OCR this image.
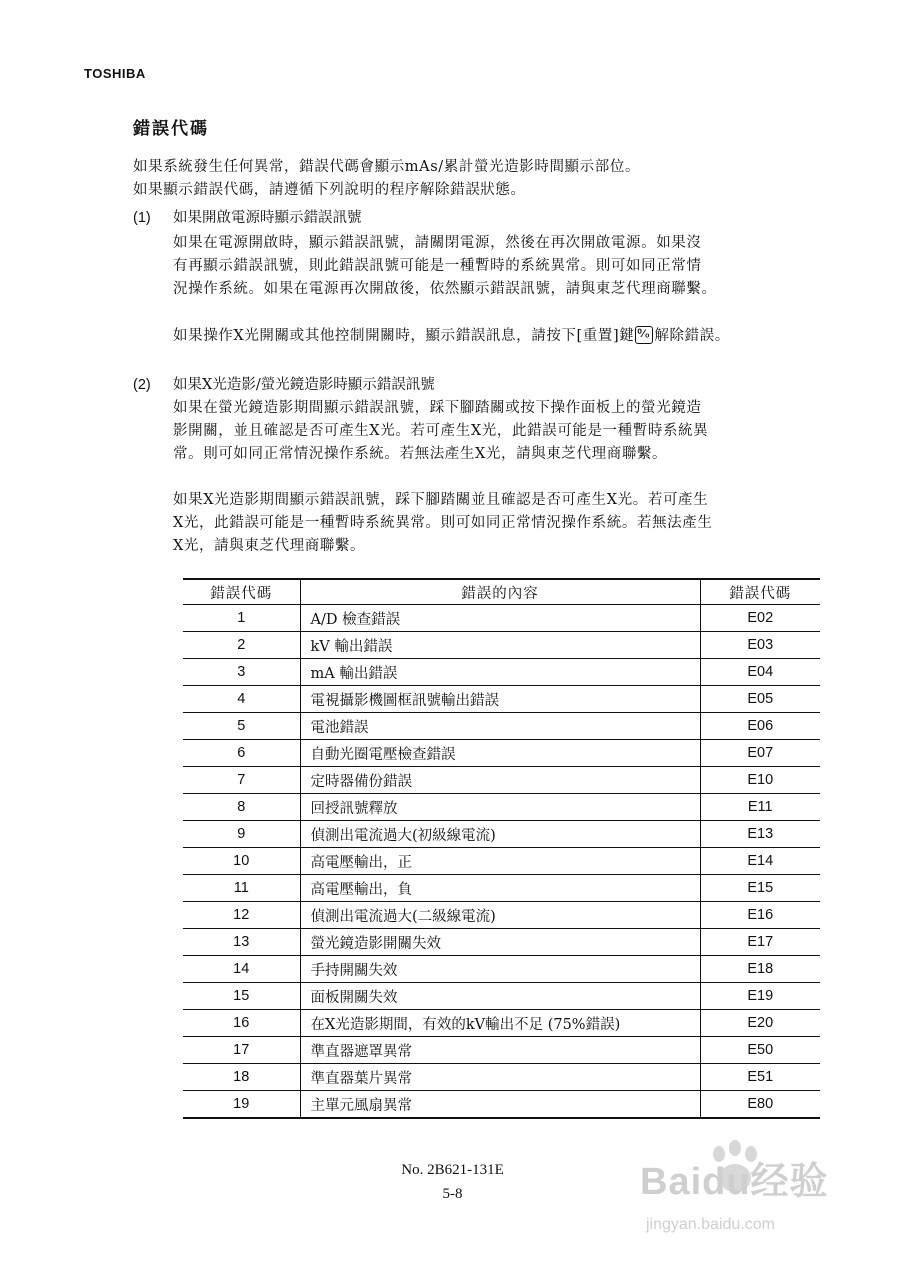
TOSHIBA
錯誤代碼
如果系統發生任何異常，錯誤代碼會顯示mAs/累計螢光造影時間顯示部位。
如果顯示錯誤代碼，請遵循下列說明的程序解除錯誤狀態。
(1) 如果開啟電源時顯示錯誤訊號
如果在電源開啟時，顯示錯誤訊號，請關閉電源，然後在再次開啟電源。如果沒
有再顯示錯誤訊號，則此錯誤訊號可能是一種暫時的系統異常。則可如同正常情
況操作系統。如果在電源再次開啟後，依然顯示錯誤訊號，請與東芝代理商聯繫。
如果操作X光開關或其他控制開關時，顯示錯誤訊息，請按下[重置]鍵 ⁰⁄₀ 解除錯誤。
(2) 如果X光造影/螢光鏡造影時顯示錯誤訊號
如果在螢光鏡造影期間顯示錯誤訊號，踩下腳踏關或按下操作面板上的螢光鏡造
影開關，並且確認是否可產生X光。若可產生X光，此錯誤可能是一種暫時系統異
常。則可如同正常情況操作系統。若無法產生X光，請與東芝代理商聯繫。
如果X光造影期間顯示錯誤訊號，踩下腳踏關並且確認是否可產生X光。若可產生
X光，此錯誤可能是一種暫時系統異常。則可如同正常情況操作系統。若無法產生
X光，請與東芝代理商聯繫。
錯誤代碼	錯誤的內容	錯誤代碼
1	A/D 檢查錯誤	E02
2	kV 輸出錯誤	E03
3	mA 輸出錯誤	E04
4	電視攝影機圖框訊號輸出錯誤	E05
5	電池錯誤	E06
6	自動光圈電壓檢查錯誤	E07
7	定時器備份錯誤	E10
8	回授訊號釋放	E11
9	偵測出電流過大(初級線電流)	E13
10	高電壓輸出，正	E14
11	高電壓輸出，負	E15
12	偵測出電流過大(二級線電流)	E16
13	螢光鏡造影開關失效	E17
14	手持開關失效	E18
15	面板開關失效	E19
16	在X光造影期間，有效的kV輸出不足 (75%錯誤)	E20
17	準直器遮罩異常	E50
18	準直器葉片異常	E51
19	主單元風扇異常	E80
No. 2B621-131E
5-8	Baidu经验
jingyan.baidu.com
